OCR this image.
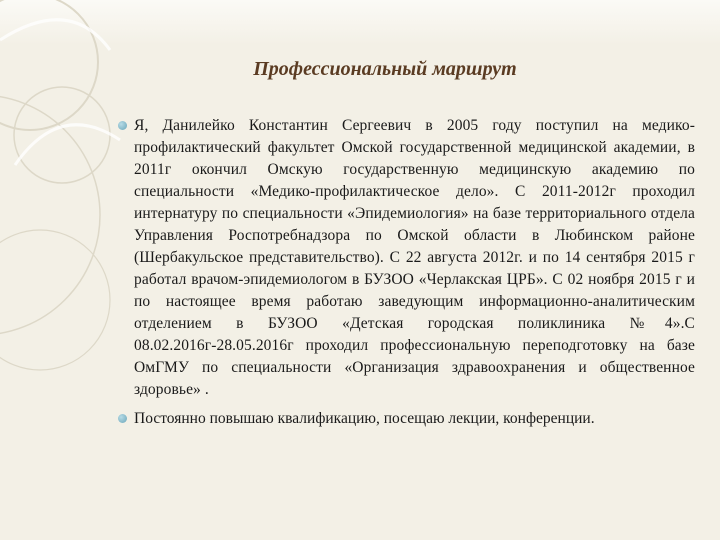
Профессиональный маршрут
Я, Данилейко Константин Сергеевич в 2005 году поступил на медико-профилактический факультет Омской государственной медицинской академии, в 2011г окончил Омскую государственную медицинскую академию по специальности «Медико-профилактическое дело». С 2011-2012г проходил интернатуру по специальности «Эпидемиология» на базе территориального отдела Управления Роспотребнадзора по Омской области в Любинском районе (Шербакульское представительство). С 22 августа 2012г. и по 14 сентября 2015 г работал врачом-эпидемиологом в БУЗОО «Черлакская ЦРБ». С 02 ноября 2015 г и по настоящее время работаю заведующим информационно-аналитическим отделением в БУЗОО «Детская городская поликлиника №4».С 08.02.2016г-28.05.2016г проходил профессиональную переподготовку на базе ОмГМУ по специальности «Организация здравоохранения и общественное здоровье» .
Постоянно повышаю квалификацию, посещаю лекции, конференции.
